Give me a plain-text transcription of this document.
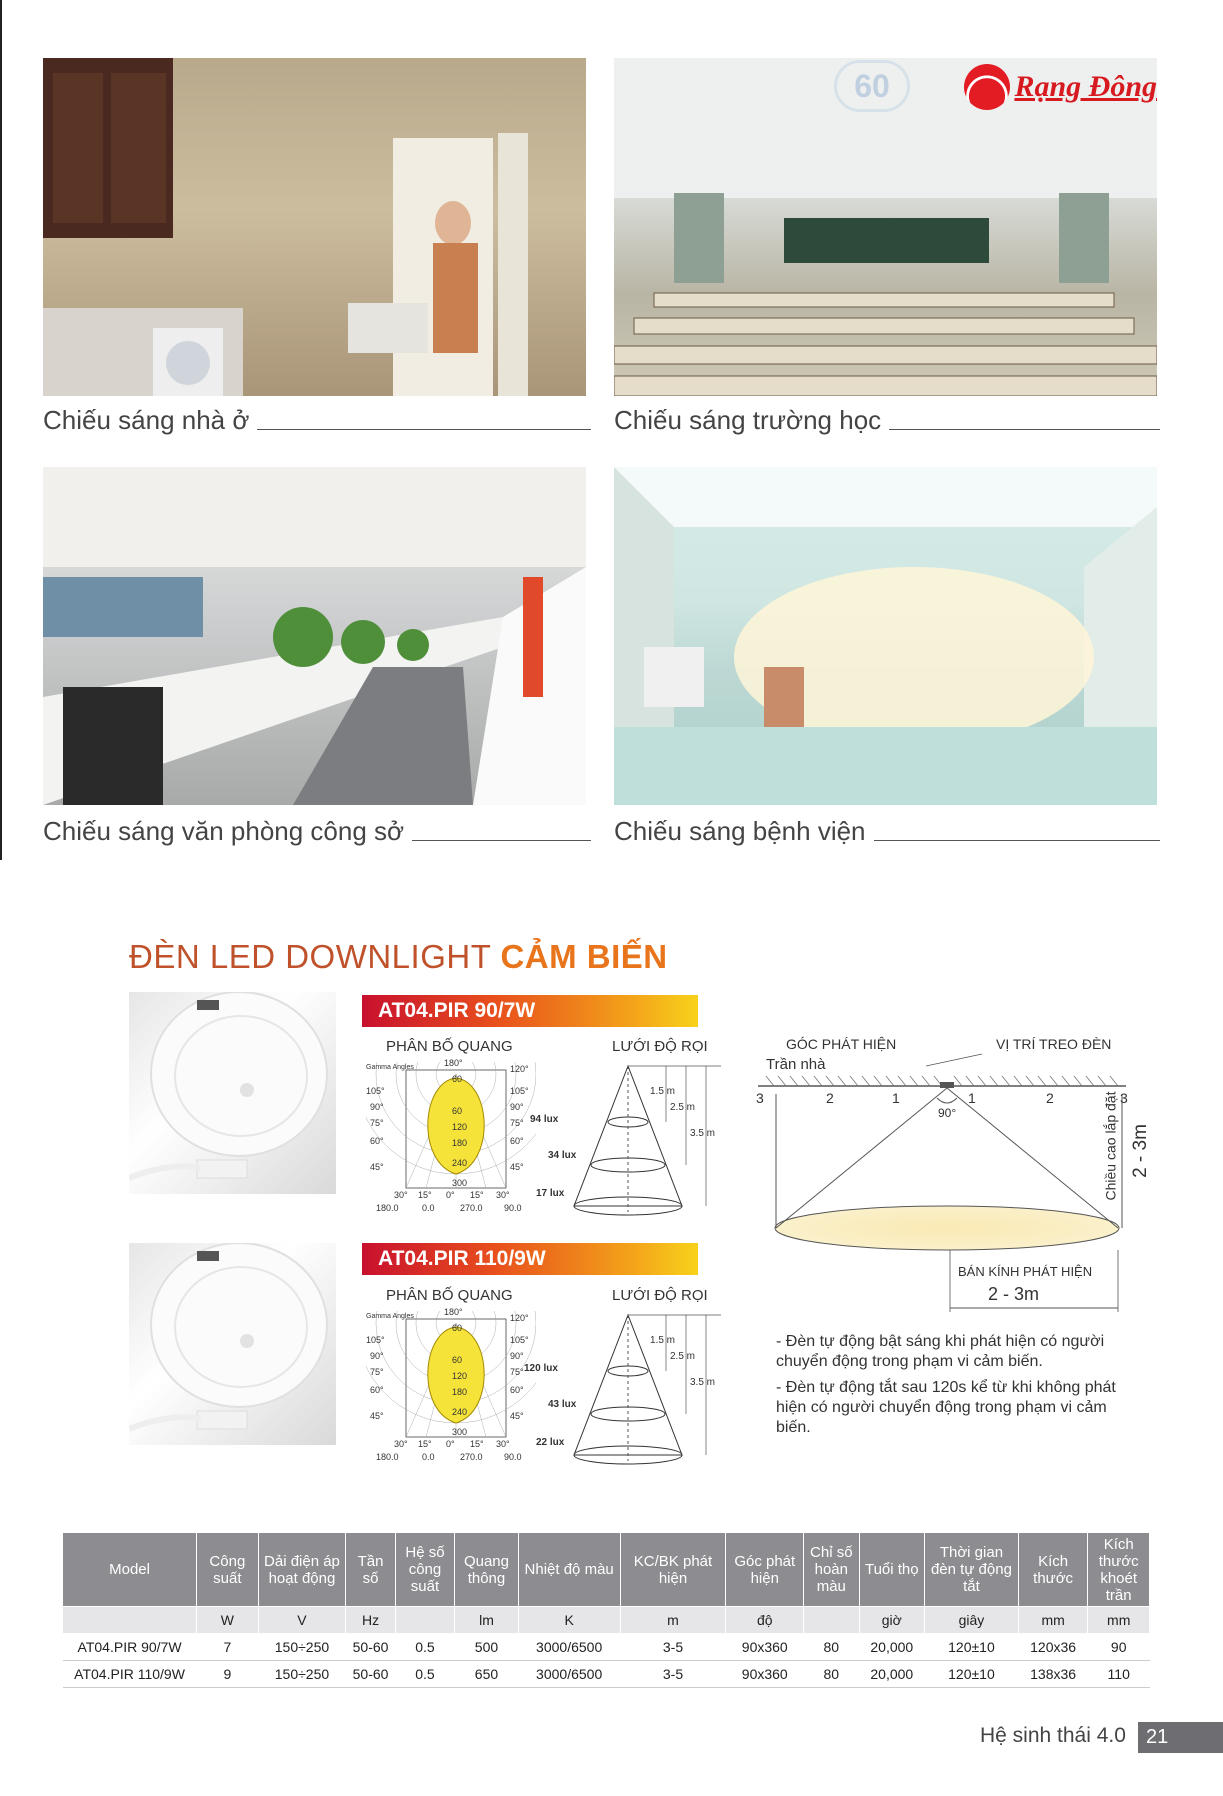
60	Rạng Đông
Chiếu sáng nhà ở	Chiếu sáng trường học
Chiếu sáng văn phòng công sở	Chiếu sáng bệnh viện
ĐÈN LED DOWNLIGHT CẢM BIẾN
AT04.PIR 90/7W
AT04.PIR 110/9W
PHÂN BỐ QUANG	LƯỚI ĐỘ RỌI
PHÂN BỐ QUANG	LƯỚI ĐỘ RỌI
Gamma Angles	180°
120°
105°
90°
75°
60°
45°
105°
90°
75°
60°
45°
60
60
120
180
240
300
30° 15° 0° 15° 30°
180.0	0.0	270.0 90.0
Gamma Angles	180°
120°
105°
90°
75°
60°
45°
105°
90°
75°
60°
45°
60
60
120
180
240
300
30° 15° 0° 15° 30°
180.0	0.0	270.0 90.0
94 lux
34 lux
17 lux
1.5 m
2.5 m
3.5 m
120 lux
43 lux
22 lux
1.5 m
2.5 m
3.5 m
GÓC PHÁT HIỆN	VỊ TRÍ TREO ĐÈN
Trần nhà
3	2	1	1	2	3
90°	Chiều cao lắp đặt 2 - 3m
BÁN KÍNH PHÁT HIỆN
2 - 3m

- Đèn tự động bật sáng khi phát hiện có người chuyển động trong phạm vi cảm biến.

- Đèn tự động tắt sau 120s kể từ khi không phát hiện có người chuyển động trong phạm vi cảm biến.

Model	Công suất	Dải điện áp hoạt động	Tần số	Hệ số công suất	Quang thông	Nhiệt độ màu	KC/BK phát hiện	Góc phát hiện	Chỉ số hoàn màu	Tuổi thọ	Thời gian đèn tự động tắt	Kích thước	Kích thước khoét trần
	W	V	Hz		lm	K	m	độ		giờ	giây	mm	mm
AT04.PIR 90/7W	7	150÷250	50-60	0.5	500	3000/6500	3-5	90x360	80	20,000	120±10	120x36	90
AT04.PIR 110/9W	9	150÷250	50-60	0.5	650	3000/6500	3-5	90x360	80	20,000	120±10	138x36	110
Hệ sinh thái 4.0	21
